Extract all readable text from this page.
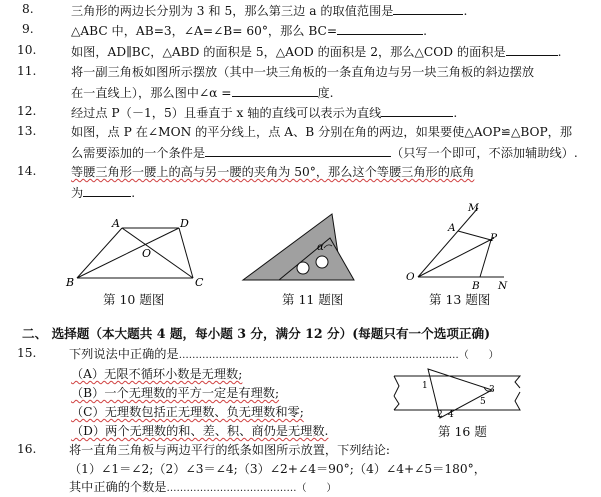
8.	三角形的两边长分别为 3 和 5，那么第三边 a 的取值范围是	.
9.	△ABC 中，AB=3，∠A=∠B= 60°，那么 BC=	.
10.	如图，AD∥BC，△ABD 的面积是 5，△AOD 的面积是 2，那么△COD 的面积是	.
11.	将一副三角板如图所示摆放（其中一块三角板的一条直角边与另一块三角板的斜边摆放
在一直线上），那么图中∠α =	度.
12.	经过点 P（－1，5）且垂直于 x 轴的直线可以表示为直线	.
13.	如图，点 P 在∠MON 的平分线上，点 A、B 分别在角的两边，如果要使△AOP≌△BOP，那
么需要添加的一个条件是	（只写一个即可，不添加辅助线）.
14.	等腰三角形一腰上的高与另一腰的夹角为 50°，那么这个等腰三角形的底角
为	.
A	D
B	C
O
第 10 题图
α
第 11 题图
M
A
P
O
B N
第 13 题图
二、 选择题（本大题共 4 题，每小题 3 分，满分 12 分）(每题只有一个选项正确)
15.	下列说法中正确的是…………………………………………………………………………（　　）
（A）无限不循环小数是无理数;
（B）一个无理数的平方一定是有理数;
（C）无理数包括正无理数、负无理数和零;
（D）两个无理数的和、差、积、商仍是无理数.
1
2
3
4
5
第 16 题
16.	将一直角三角板与两边平行的纸条如图所示放置，下列结论:
（1）∠1＝∠2;（2）∠3＝∠4;（3）∠2+∠4＝90°;（4）∠4+∠5＝180°，
其中正确的个数是…………………………………（　　）
